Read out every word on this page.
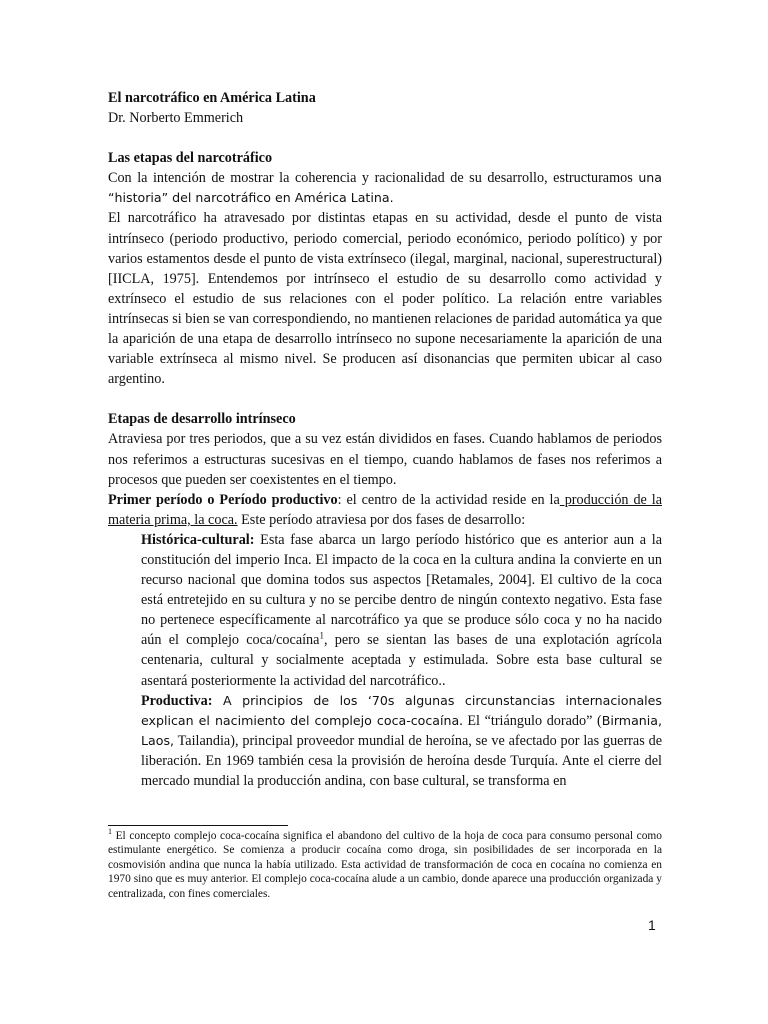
El narcotráfico en América Latina

Dr. Norberto Emmerich

Las etapas del narcotráfico

Con la intención de mostrar la coherencia y racionalidad de su desarrollo, estructuramos una “historia” del narcotráfico en América Latina.

El narcotráfico ha atravesado por distintas etapas en su actividad, desde el punto de vista intrínseco (periodo productivo, periodo comercial, periodo económico, periodo político) y por varios estamentos desde el punto de vista extrínseco (ilegal, marginal, nacional, superestructural) [IICLA, 1975]. Entendemos por intrínseco el estudio de su desarrollo como actividad y extrínseco el estudio de sus relaciones con el poder político. La relación entre variables intrínsecas si bien se van correspondiendo, no mantienen relaciones de paridad automática ya que la aparición de una etapa de desarrollo intrínseco no supone necesariamente la aparición de una variable extrínseca al mismo nivel. Se producen así disonancias que permiten ubicar al caso argentino.

Etapas de desarrollo intrínseco

Atraviesa por tres periodos, que a su vez están divididos en fases. Cuando hablamos de periodos nos referimos a estructuras sucesivas en el tiempo, cuando hablamos de fases nos referimos a procesos que pueden ser coexistentes en el tiempo.

Primer período o Período productivo: el centro de la actividad reside en la producción de la materia prima, la coca. Este período atraviesa por dos fases de desarrollo:

Histórica-cultural: Esta fase abarca un largo período histórico que es anterior aun a la constitución del imperio Inca. El impacto de la coca en la cultura andina la convierte en un recurso nacional que domina todos sus aspectos [Retamales, 2004]. El cultivo de la coca está entretejido en su cultura y no se percibe dentro de ningún contexto negativo. Esta fase no pertenece específicamente al narcotráfico ya que se produce sólo coca y no ha nacido aún el complejo coca/cocaína$^1$, pero se sientan las bases de una explotación agrícola centenaria, cultural y socialmente aceptada y estimulada. Sobre esta base cultural se asentará posteriormente la actividad del narcotráfico..

Productiva: A principios de los ‘70s algunas circunstancias internacionales explican el nacimiento del complejo coca-cocaína. El “triángulo dorado” (Birmania, Laos, Tailandia), principal proveedor mundial de heroína, se ve afectado por las guerras de liberación. En 1969 también cesa la provisión de heroína desde Turquía. Ante el cierre del mercado mundial la producción andina, con base cultural, se transforma en

$^1$ El concepto complejo coca-cocaína significa el abandono del cultivo de la hoja de coca para consumo personal como estimulante energético. Se comienza a producir cocaína como droga, sin posibilidades de ser incorporada en la cosmovisión andina que nunca la había utilizado. Esta actividad de transformación de coca en cocaína no comienza en 1970 sino que es muy anterior. El complejo coca-cocaína alude a un cambio, donde aparece una producción organizada y centralizada, con fines comerciales.

1
